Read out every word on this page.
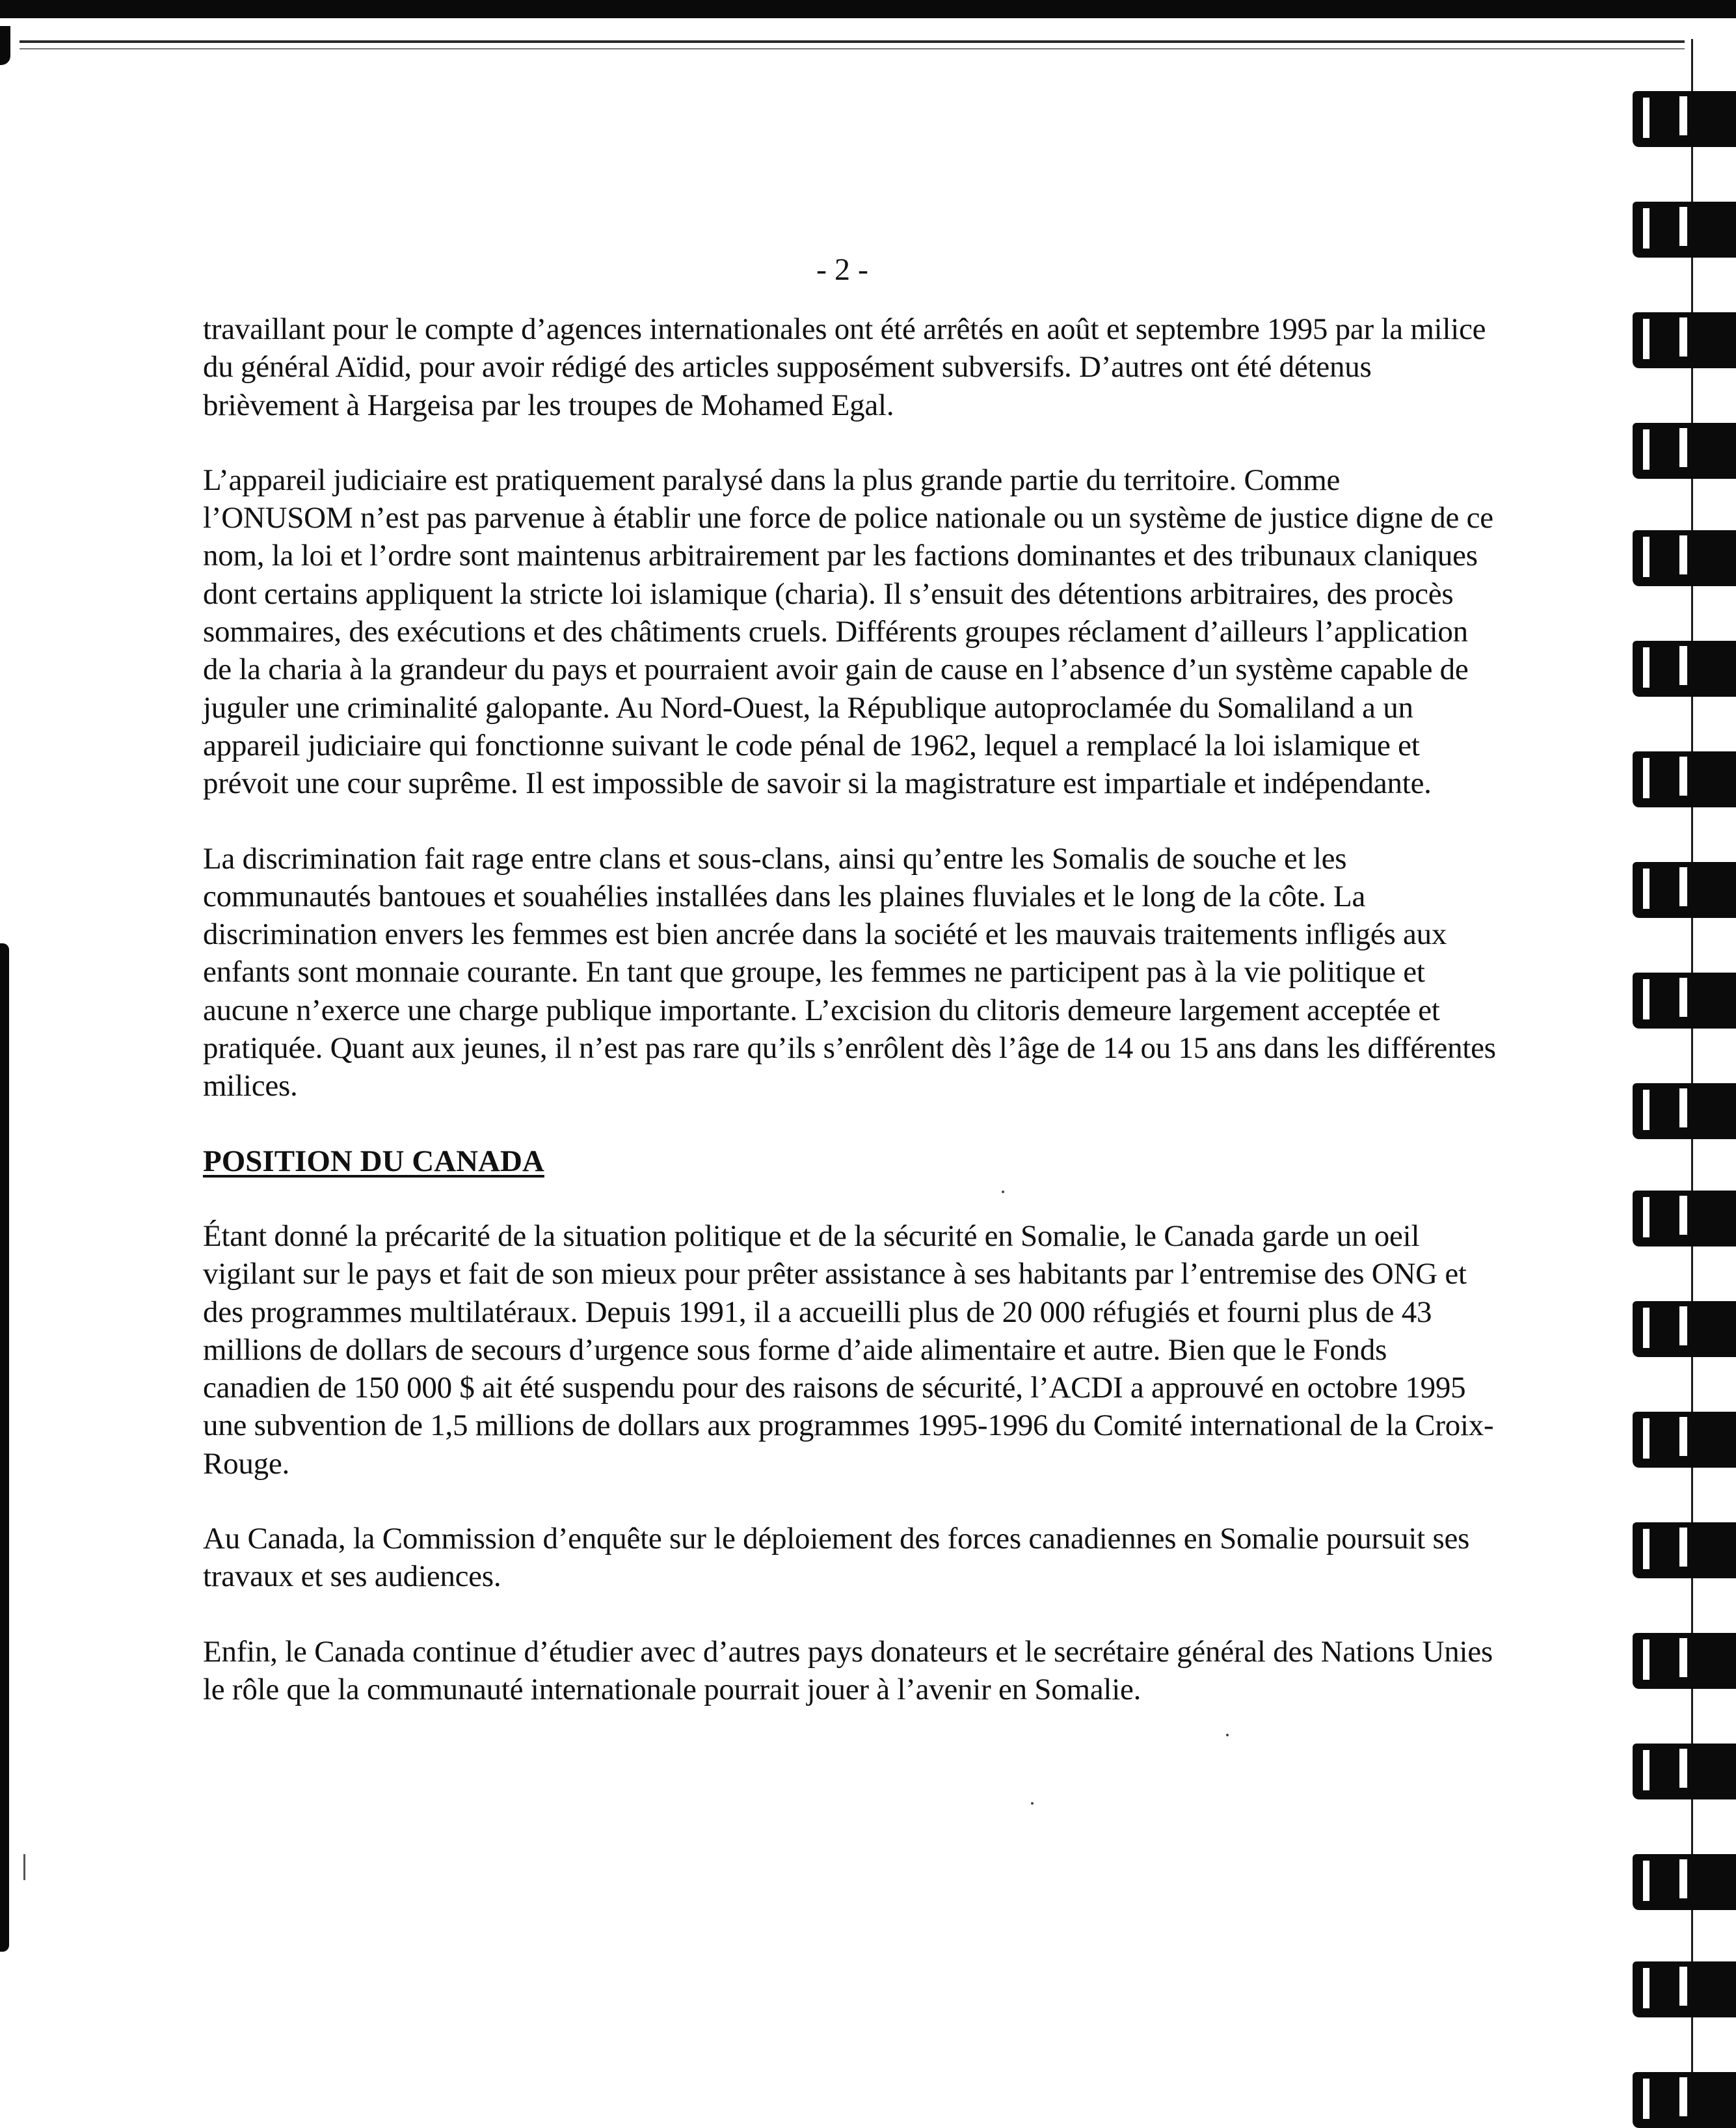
- 2 -

travaillant pour le compte d’agences internationales ont été arrêtés en août et septembre 1995 par la milice du général Aïdid, pour avoir rédigé des articles supposément subversifs. D’autres ont été détenus brièvement à Hargeisa par les troupes de Mohamed Egal.

L’appareil judiciaire est pratiquement paralysé dans la plus grande partie du territoire. Comme l’ONUSOM n’est pas parvenue à établir une force de police nationale ou un système de justice digne de ce nom, la loi et l’ordre sont maintenus arbitrairement par les factions dominantes et des tribunaux claniques dont certains appliquent la stricte loi islamique (charia). Il s’ensuit des détentions arbitraires, des procès sommaires, des exécutions et des châtiments cruels. Différents groupes réclament d’ailleurs l’application de la charia à la grandeur du pays et pourraient avoir gain de cause en l’absence d’un système capable de juguler une criminalité galopante. Au Nord-Ouest, la République autoproclamée du Somaliland a un appareil judiciaire qui fonctionne suivant le code pénal de 1962, lequel a remplacé la loi islamique et prévoit une cour suprême. Il est impossible de savoir si la magistrature est impartiale et indépendante.

La discrimination fait rage entre clans et sous-clans, ainsi qu’entre les Somalis de souche et les communautés bantoues et souahélies installées dans les plaines fluviales et le long de la côte. La discrimination envers les femmes est bien ancrée dans la société et les mauvais traitements infligés aux enfants sont monnaie courante. En tant que groupe, les femmes ne participent pas à la vie politique et aucune n’exerce une charge publique importante. L’excision du clitoris demeure largement acceptée et pratiquée. Quant aux jeunes, il n’est pas rare qu’ils s’enrôlent dès l’âge de 14 ou 15 ans dans les différentes milices.

POSITION DU CANADA

Étant donné la précarité de la situation politique et de la sécurité en Somalie, le Canada garde un oeil vigilant sur le pays et fait de son mieux pour prêter assistance à ses habitants par l’entremise des ONG et des programmes multilatéraux. Depuis 1991, il a accueilli plus de 20 000 réfugiés et fourni plus de 43 millions de dollars de secours d’urgence sous forme d’aide alimentaire et autre. Bien que le Fonds canadien de 150 000 $ ait été suspendu pour des raisons de sécurité, l’ACDI a approuvé en octobre 1995 une subvention de 1,5 millions de dollars aux programmes 1995-1996 du Comité international de la Croix-Rouge.

Au Canada, la Commission d’enquête sur le déploiement des forces canadiennes en Somalie poursuit ses travaux et ses audiences.

Enfin, le Canada continue d’étudier avec d’autres pays donateurs et le secrétaire général des Nations Unies le rôle que la communauté internationale pourrait jouer à l’avenir en Somalie.
